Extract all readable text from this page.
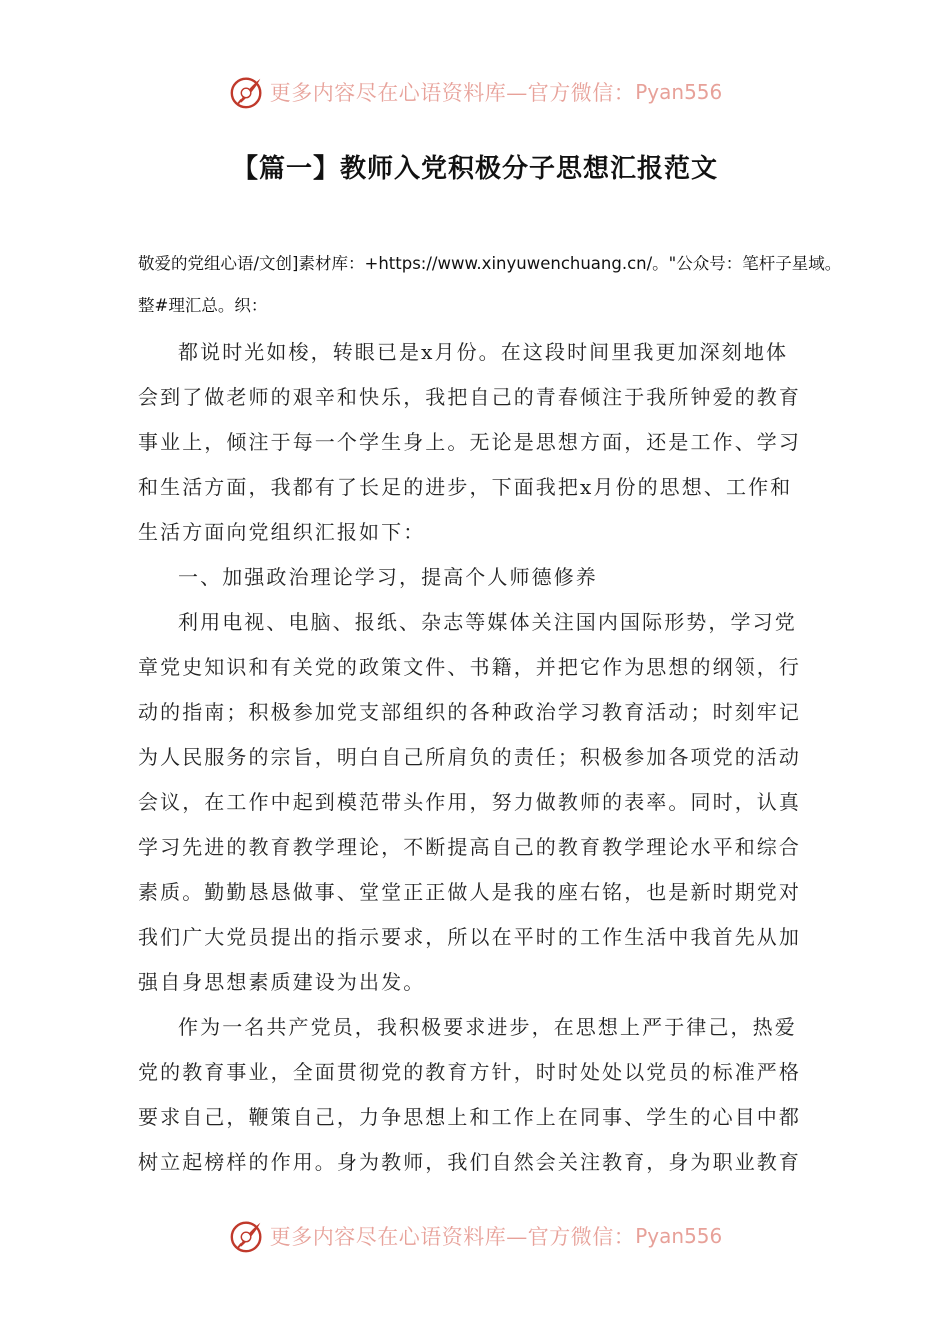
更多内容尽在心语资料库—官方微信： Pyan556
【篇一】教师入党积极分子思想汇报范文
敬爱的党组心语/文创]素材库：+https://www.xinyuwenchuang.cn/。"公众号：笔杆子星域。
整#理汇总。织：

都说时光如梭，转眼已是x月份。在这段时间里我更加深刻地体会到了做老师的艰辛和快乐，我把自己的青春倾注于我所钟爱的教育事业上，倾注于每一个学生身上。无论是思想方面，还是工作、学习和生活方面，我都有了长足的进步，下面我把x月份的思想、工作和生活方面向党组织汇报如下：

一、加强政治理论学习，提高个人师德修养

利用电视、电脑、报纸、杂志等媒体关注国内国际形势，学习党章党史知识和有关党的政策文件、书籍，并把它作为思想的纲领，行动的指南；积极参加党支部组织的各种政治学习教育活动；时刻牢记为人民服务的宗旨，明白自己所肩负的责任；积极参加各项党的活动会议，在工作中起到模范带头作用，努力做教师的表率。同时，认真学习先进的教育教学理论，不断提高自己的教育教学理论水平和综合素质。勤勤恳恳做事、堂堂正正做人是我的座右铭，也是新时期党对我们广大党员提出的指示要求，所以在平时的工作生活中我首先从加强自身思想素质建设为出发。

作为一名共产党员，我积极要求进步，在思想上严于律己，热爱党的教育事业，全面贯彻党的教育方针，时时处处以党员的标准严格要求自己，鞭策自己，力争思想上和工作上在同事、学生的心目中都树立起榜样的作用。身为教师，我们自然会关注教育，身为职业教育

更多内容尽在心语资料库—官方微信： Pyan556
